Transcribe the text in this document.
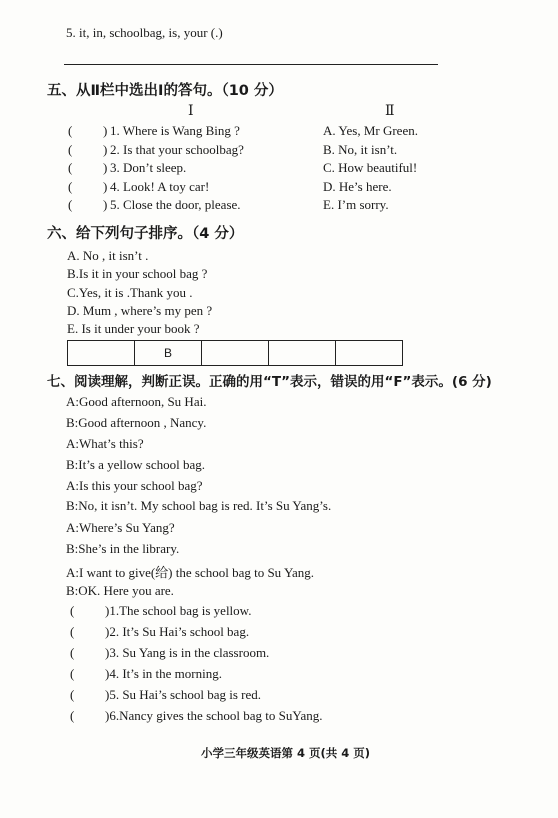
5. it, in, schoolbag, is, your (.)
五、从Ⅱ栏中选出Ⅰ的答句。（10 分）
Ⅰ	Ⅱ
( ) 1. Where is Wang Bing ?	A. Yes, Mr Green.
( ) 2. Is that your schoolbag?	B. No, it isn’t.
( ) 3. Don’t sleep.	C. How beautiful!
( ) 4. Look! A toy car!	D. He’s here.
( ) 5. Close the door, please.	E. I’m sorry.
六、给下列句子排序。（4 分）
A. No , it isn’t .
B.Is it in your school bag ?
C.Yes, it is .Thank you .
D. Mum , where’s my pen ?
E. Is it under your book ?
	B			
七、阅读理解，判断正误。正确的用“T”表示，错误的用“F”表示。(6 分)
A:Good afternoon, Su Hai.
B:Good afternoon , Nancy.
A:What’s this?
B:It’s a yellow school bag.
A:Is this your school bag?
B:No, it isn’t. My school bag is red. It’s Su Yang’s.
A:Where’s Su Yang?
B:She’s in the library.
A:I want to give(给) the school bag to Su Yang.
B:OK. Here you are.
( )1.The school bag is yellow.
( )2. It’s Su Hai’s school bag.
( )3. Su Yang is in the classroom.
( )4. It’s in the morning.
( )5. Su Hai’s school bag is red.
( )6.Nancy gives the school bag to SuYang.
小学三年级英语第 4 页(共 4 页)
